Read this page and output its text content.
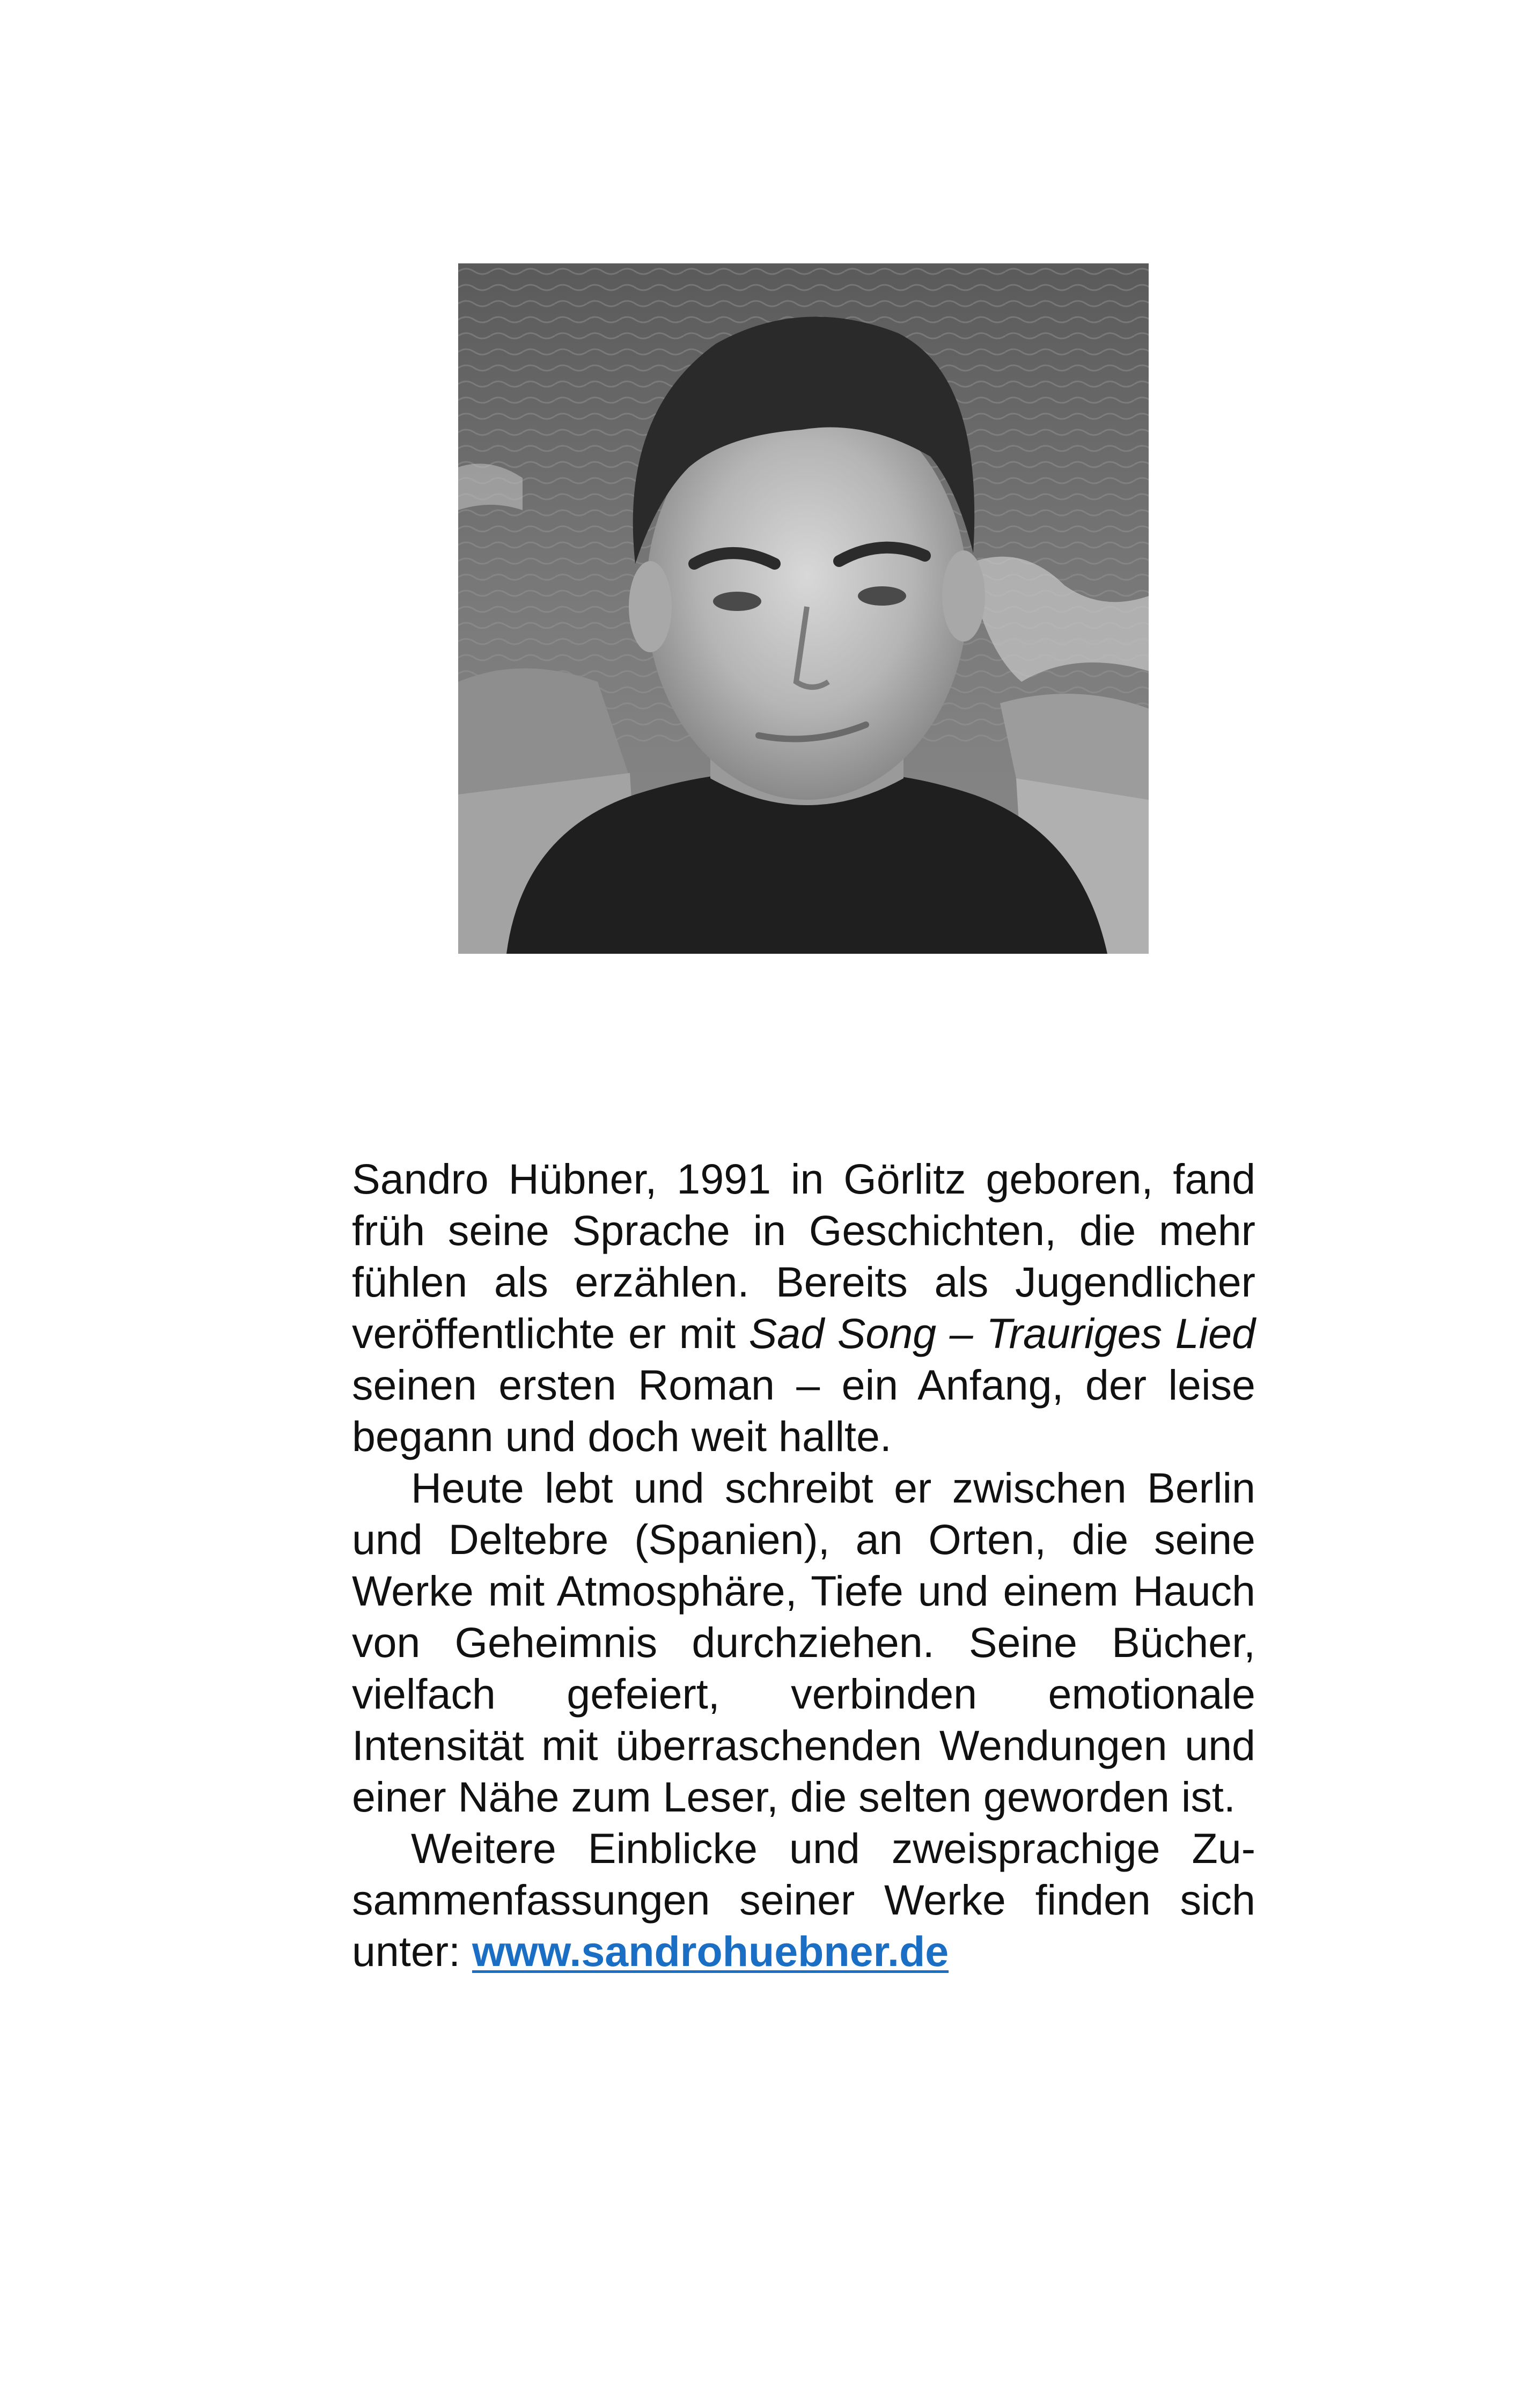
Sandro Hübner, 1991 in Görlitz geboren, fand früh seine Sprache in Geschichten, die mehr fühlen als erzählen. Bereits als Jugendlicher veröffentlichte er mit Sad Song – Trauriges Lied seinen ersten Roman – ein Anfang, der leise begann und doch weit hallte.

Heute lebt und schreibt er zwischen Berlin und Deltebre (Spanien), an Orten, die seine Werke mit Atmosphäre, Tiefe und einem Hauch von Geheimnis durchziehen. Seine Bücher, vielfach gefeiert, verbinden emotionale Intensität mit überraschenden Wendungen und einer Nähe zum Leser, die selten geworden ist.

Weitere Einblicke und zweisprachige Zusammenfassungen seiner Werke finden sich unter: www.sandrohuebner.de
